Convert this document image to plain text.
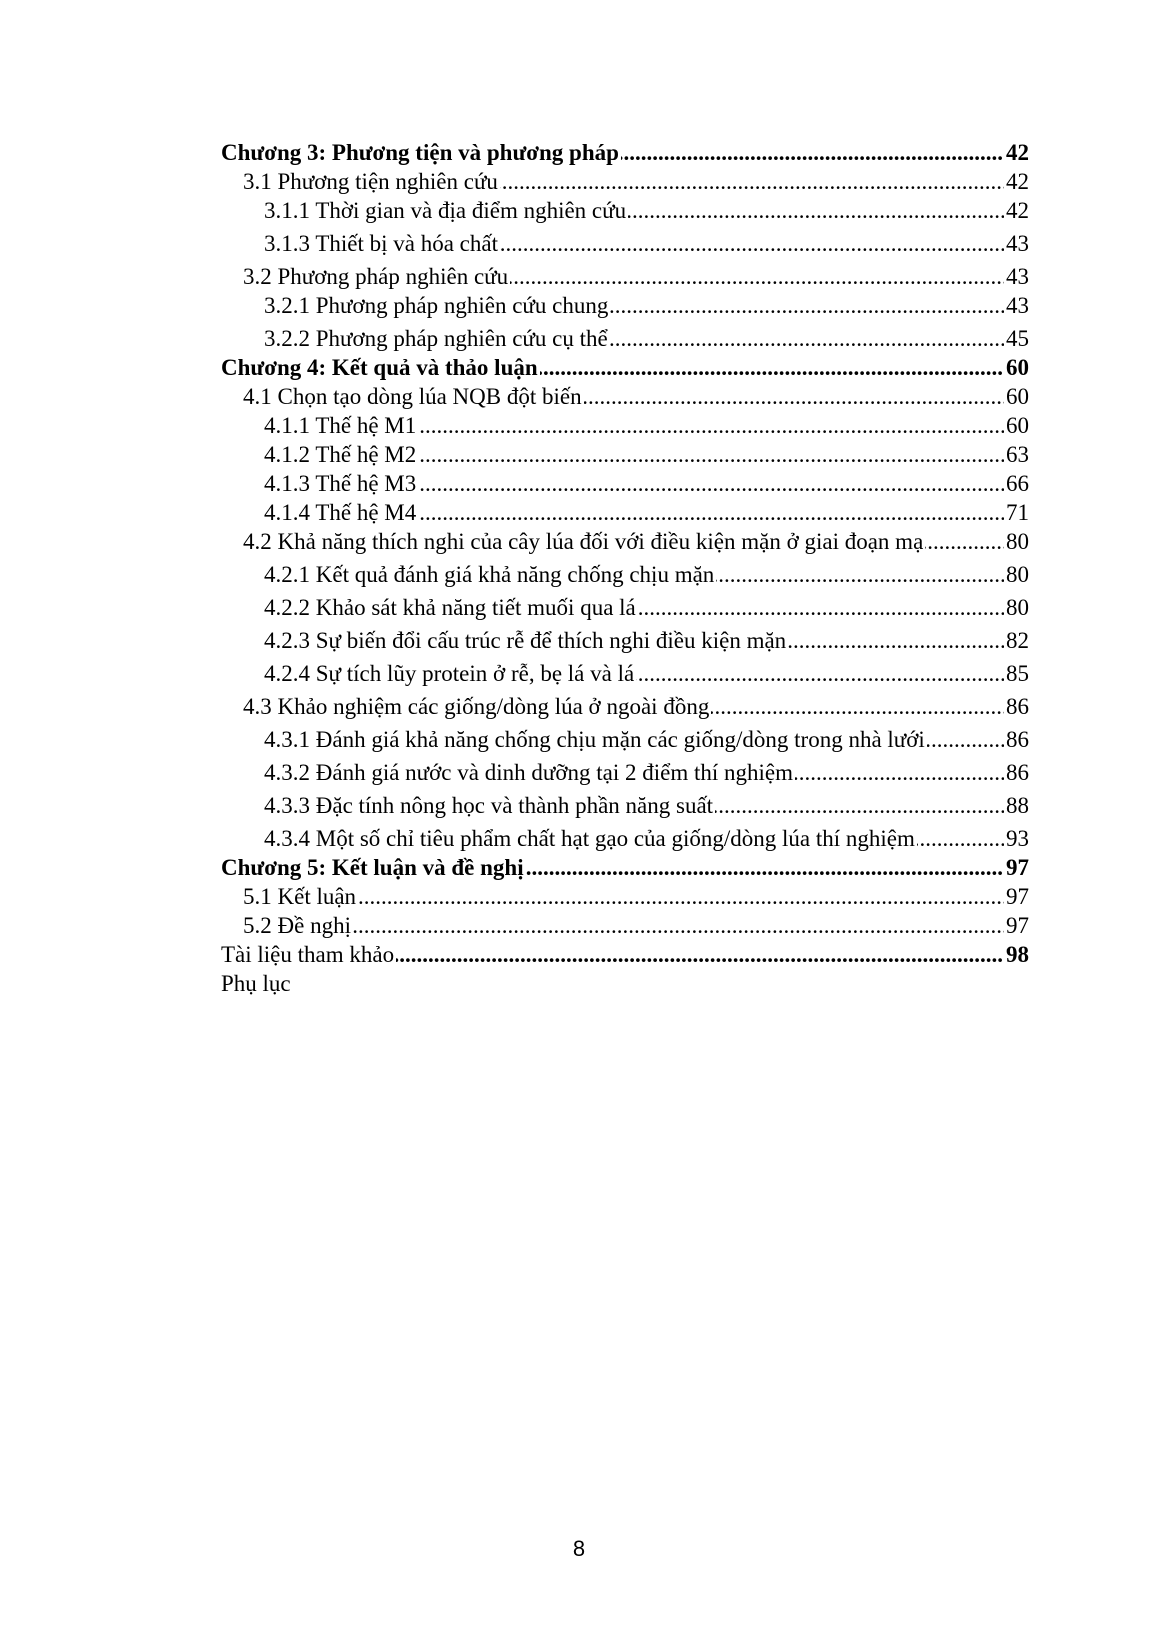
.....
Chương 3: Phương tiện và phương pháp	42
.....
3.1 Phương tiện nghiên cứu	42
.....
3.1.1 Thời gian và địa điểm nghiên cứu	42
.....
3.1.3 Thiết bị và hóa chất	43
.....
3.2 Phương pháp nghiên cứu	43
.....
3.2.1 Phương pháp nghiên cứu chung	43
.....
3.2.2 Phương pháp nghiên cứu cụ thể	45
.....
Chương 4: Kết quả và thảo luận	60
.....
4.1 Chọn tạo dòng lúa NQB đột biến	60
.....
4.1.1 Thế hệ M1	60
.....
4.1.2 Thế hệ M2	63
.....
4.1.3 Thế hệ M3	66
.....
4.1.4 Thế hệ M4	71
.....
4.2 Khả năng thích nghi của cây lúa đối với điều kiện mặn ở giai đoạn mạ	80
.....
4.2.1 Kết quả đánh giá khả năng chống chịu mặn	80
.....
4.2.2 Khảo sát khả năng tiết muối qua lá	80
.....
4.2.3 Sự biến đổi cấu trúc rễ để thích nghi điều kiện mặn	82
.....
4.2.4 Sự tích lũy protein ở rễ, bẹ lá và lá	85
.....
4.3 Khảo nghiệm các giống/dòng lúa ở ngoài đồng	86
.....
4.3.1 Đánh giá khả năng chống chịu mặn các giống/dòng trong nhà lưới	86
.....
4.3.2 Đánh giá nước và dinh dưỡng tại 2 điểm thí nghiệm	86
.....
4.3.3 Đặc tính nông học và thành phần năng suất	88
.....
4.3.4 Một số chỉ tiêu phẩm chất hạt gạo của giống/dòng lúa thí nghiệm	93
.....
Chương 5: Kết luận và đề nghị	97
.....
5.1 Kết luận	97
.....
5.2 Đề nghị	97
.....
Tài liệu tham khảo	98
Phụ lục
8
